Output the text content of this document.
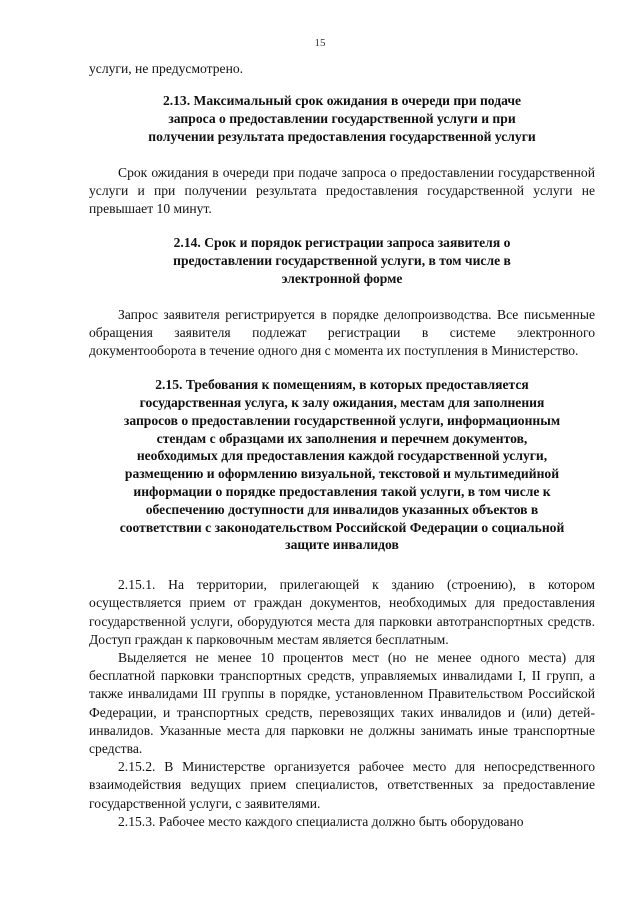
15

услуги, не предусмотрено.

2.13. Максимальный срок ожидания в очереди при подаче
запроса о предоставлении государственной услуги и при
получении результата предоставления государственной услуги

Срок ожидания в очереди при подаче запроса о предоставлении государственной услуги и при получении результата предоставления государственной услуги не превышает 10 минут.

2.14. Срок и порядок регистрации запроса заявителя о
предоставлении государственной услуги, в том числе в
электронной форме

Запрос заявителя регистрируется в порядке делопроизводства. Все письменные обращения заявителя подлежат регистрации в системе электронного документооборота в течение одного дня с момента их поступления в Министерство.

2.15. Требования к помещениям, в которых предоставляется
государственная услуга, к залу ожидания, местам для заполнения
запросов о предоставлении государственной услуги, информационным
стендам с образцами их заполнения и перечнем документов,
необходимых для предоставления каждой государственной услуги,
размещению и оформлению визуальной, текстовой и мультимедийной
информации о порядке предоставления такой услуги, в том числе к
обеспечению доступности для инвалидов указанных объектов в
соответствии с законодательством Российской Федерации о социальной
защите инвалидов

2.15.1. На территории, прилегающей к зданию (строению), в котором осуществляется прием от граждан документов, необходимых для предоставления государственной услуги, оборудуются места для парковки автотранспортных средств. Доступ граждан к парковочным местам является бесплатным.

Выделяется не менее 10 процентов мест (но не менее одного места) для бесплатной парковки транспортных средств, управляемых инвалидами I, II групп, а также инвалидами III группы в порядке, установленном Правительством Российской Федерации, и транспортных средств, перевозящих таких инвалидов и (или) детей-инвалидов. Указанные места для парковки не должны занимать иные транспортные средства.

2.15.2. В Министерстве организуется рабочее место для непосредственного взаимодействия ведущих прием специалистов, ответственных за предоставление государственной услуги, с заявителями.

2.15.3. Рабочее место каждого специалиста должно быть оборудовано
